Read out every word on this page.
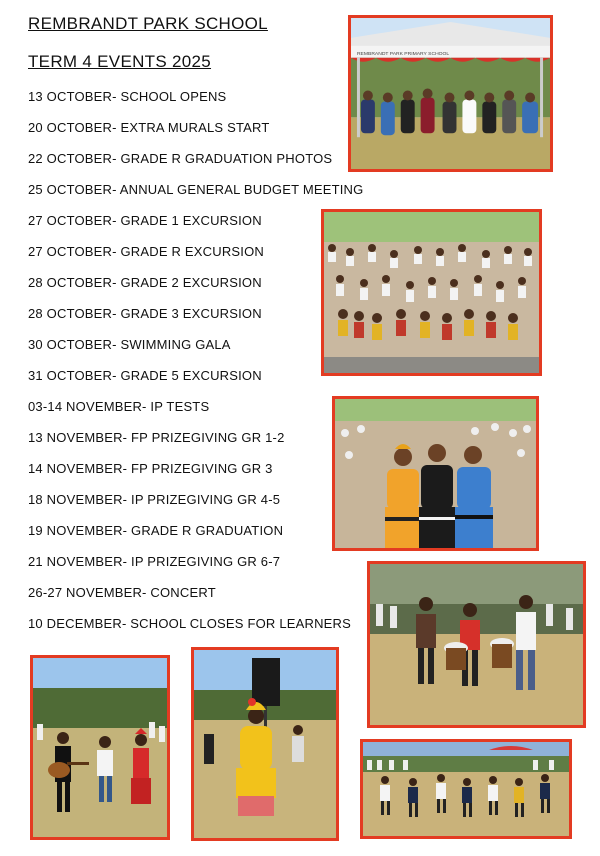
REMBRANDT PARK SCHOOL
TERM 4 EVENTS 2025
13 OCTOBER- SCHOOL OPENS
20 OCTOBER- EXTRA MURALS START
22 OCTOBER- GRADE R GRADUATION PHOTOS
25 OCTOBER- ANNUAL GENERAL BUDGET MEETING
27 OCTOBER- GRADE 1 EXCURSION
27 OCTOBER- GRADE R EXCURSION
28 OCTOBER- GRADE 2 EXCURSION
28 OCTOBER- GRADE 3 EXCURSION
30 OCTOBER- SWIMMING GALA
31 OCTOBER- GRADE 5 EXCURSION
03-14 NOVEMBER- IP TESTS
13 NOVEMBER- FP PRIZEGIVING GR 1-2
14 NOVEMBER- FP PRIZEGIVING GR 3
18 NOVEMBER- IP PRIZEGIVING GR 4-5
19 NOVEMBER- GRADE R GRADUATION
21 NOVEMBER- IP PRIZEGIVING GR 6-7
26-27 NOVEMBER- CONCERT
10 DECEMBER- SCHOOL CLOSES FOR LEARNERS
REMBRANDT PARK PRIMARY SCHOOL
